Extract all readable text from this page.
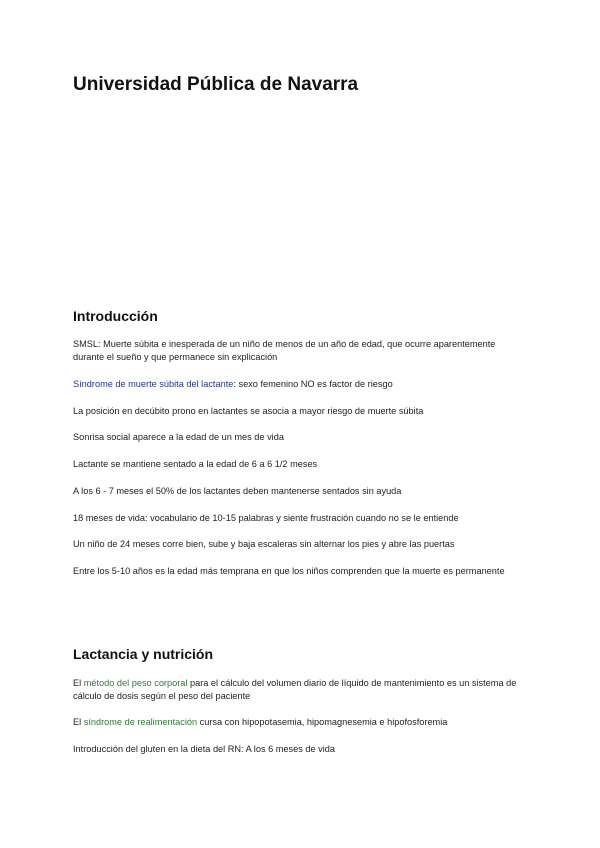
Universidad Pública de Navarra
Introducción

SMSL: Muerte súbita e inesperada de un niño de menos de un año de edad, que ocurre aparentemente durante el sueño y que permanece sin explicación

Síndrome de muerte súbita del lactante: sexo femenino NO es factor de riesgo

La posición en decúbito prono en lactantes se asocia a mayor riesgo de muerte súbita

Sonrisa social aparece a la edad de un mes de vida

Lactante se mantiene sentado a la edad de 6 a 6 1/2 meses

A los 6 - 7 meses el 50% de los lactantes deben mantenerse sentados sin ayuda

18 meses de vida: vocabulario de 10-15 palabras y siente frustración cuando no se le entiende

Un niño de 24 meses corre bien, sube y baja escaleras sin alternar los pies y abre las puertas

Entre los 5-10 años es la edad más temprana en que los niños comprenden que la muerte es permanente

Lactancia y nutrición

El método del peso corporal para el cálculo del volumen diario de líquido de mantenimiento es un sistema de cálculo de dosis según el peso del paciente

El síndrome de realimentación cursa con hipopotasemia, hipomagnesemia e hipofosforemia

Introducción del gluten en la dieta del RN: A los 6 meses de vida
